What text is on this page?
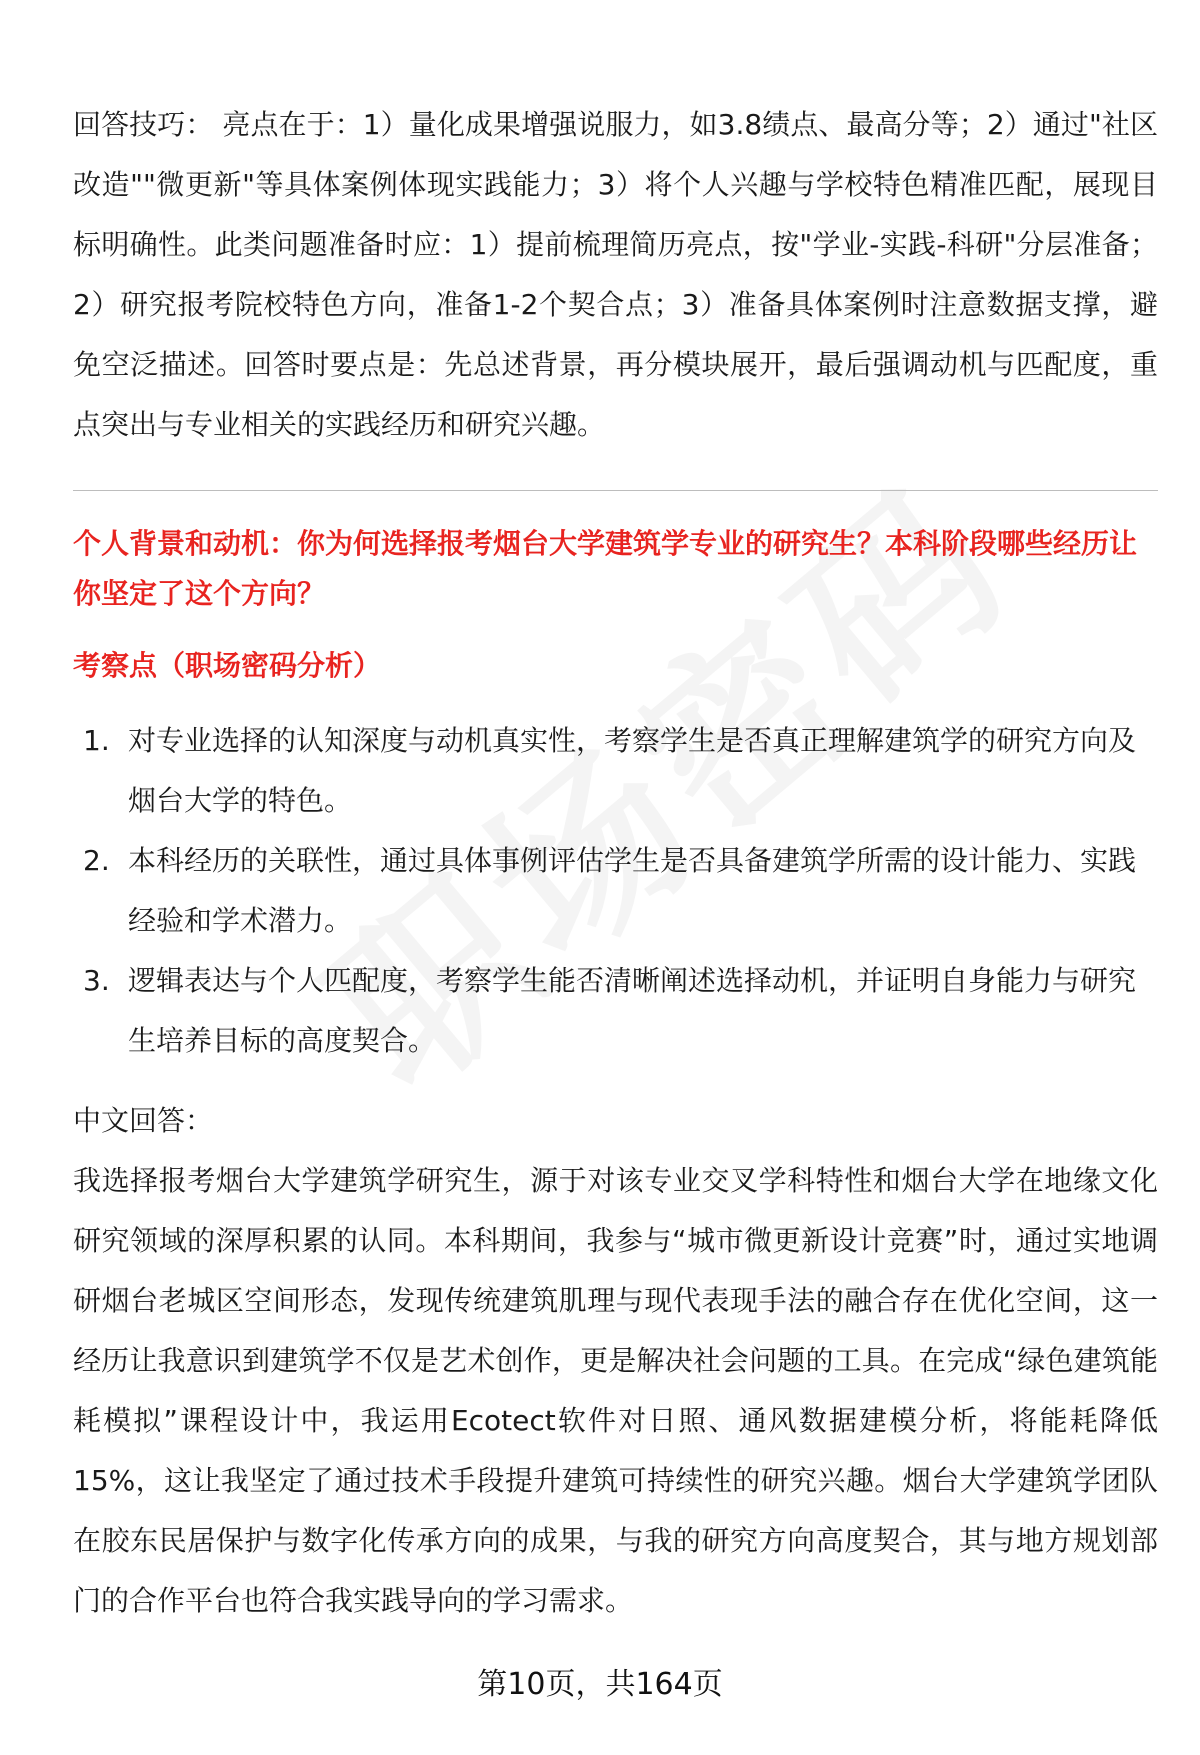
回答技巧： 亮点在于：1）量化成果增强说服力，如3.8绩点、最高分等；2）通过"社区改造""微更新"等具体案例体现实践能力；3）将个人兴趣与学校特色精准匹配，展现目标明确性。此类问题准备时应：1）提前梳理简历亮点，按"学业-实践-科研"分层准备；2）研究报考院校特色方向，准备1-2个契合点；3）准备具体案例时注意数据支撑，避免空泛描述。回答时要点是：先总述背景，再分模块展开，最后强调动机与匹配度，重点突出与专业相关的实践经历和研究兴趣。

个人背景和动机：你为何选择报考烟台大学建筑学专业的研究生？本科阶段哪些经历让你坚定了这个方向？
考察点（职场密码分析）
1. 对专业选择的认知深度与动机真实性，考察学生是否真正理解建筑学的研究方向及烟台大学的特色。
2. 本科经历的关联性，通过具体事例评估学生是否具备建筑学所需的设计能力、实践经验和学术潜力。
3. 逻辑表达与个人匹配度，考察学生能否清晰阐述选择动机，并证明自身能力与研究生培养目标的高度契合。
中文回答：

我选择报考烟台大学建筑学研究生，源于对该专业交叉学科特性和烟台大学在地缘文化研究领域的深厚积累的认同。本科期间，我参与“城市微更新设计竞赛”时，通过实地调研烟台老城区空间形态，发现传统建筑肌理与现代表现手法的融合存在优化空间，这一经历让我意识到建筑学不仅是艺术创作，更是解决社会问题的工具。在完成“绿色建筑能耗模拟”课程设计中，我运用Ecotect软件对日照、通风数据建模分析，将能耗降低15%，这让我坚定了通过技术手段提升建筑可持续性的研究兴趣。烟台大学建筑学团队在胶东民居保护与数字化传承方向的成果，与我的研究方向高度契合，其与地方规划部门的合作平台也符合我实践导向的学习需求。

第10页，共164页
